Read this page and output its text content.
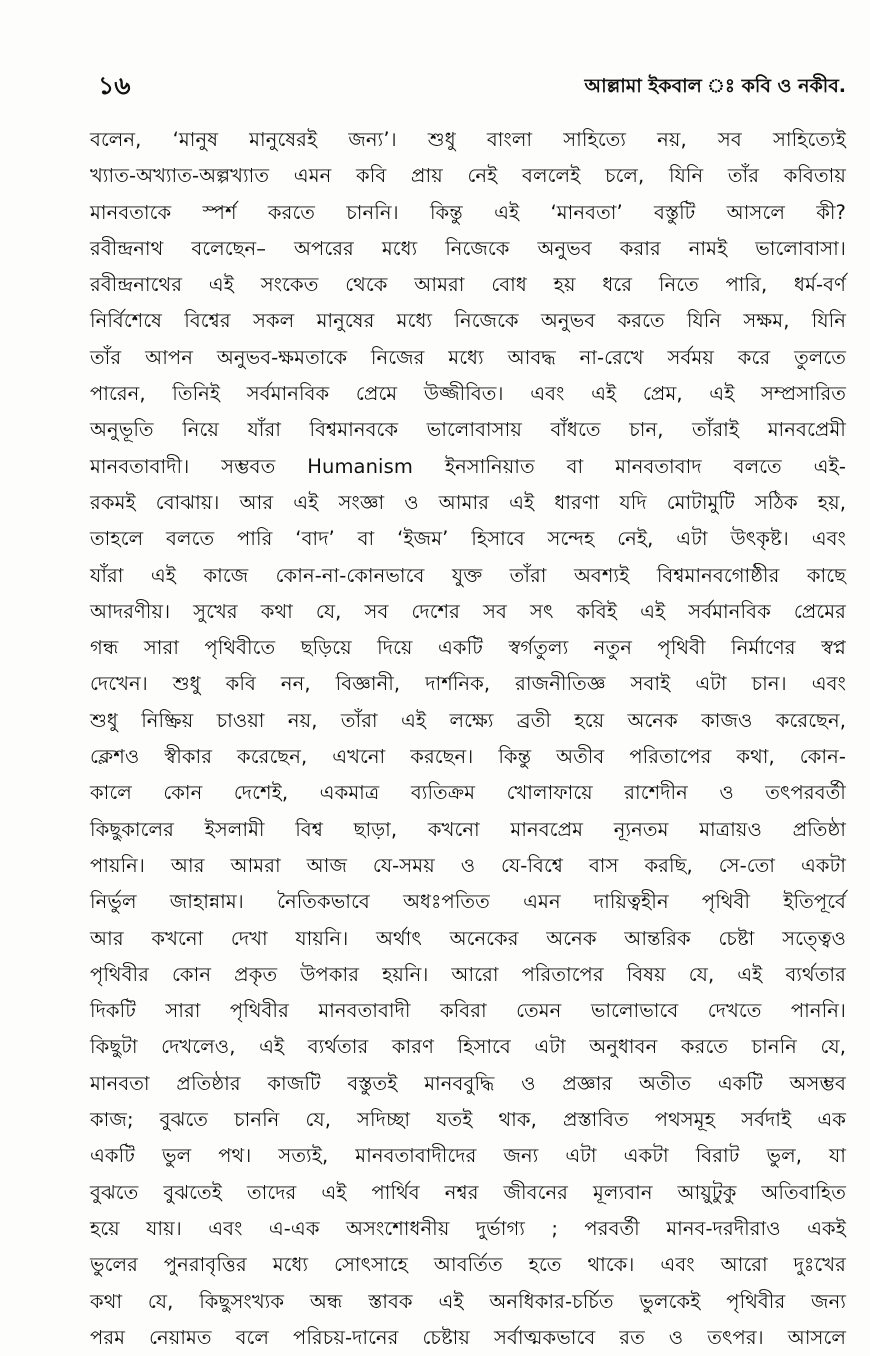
১৬	আল্লামা ইকবাল ঃ কবি ও নকীব.
বলেন, ‘মানুষ মানুষেরই জন্য’। শুধু বাংলা সাহিত্যে নয়, সব সাহিত্যেই
খ্যাত-অখ্যাত-অল্পখ্যাত এমন কবি প্রায় নেই বললেই চলে, যিনি তাঁর কবিতায়
মানবতাকে স্পর্শ করতে চাননি। কিন্তু এই ‘মানবতা’ বস্তুটি আসলে কী?
রবীন্দ্রনাথ বলেছেন– অপরের মধ্যে নিজেকে অনুভব করার নামই ভালোবাসা।
রবীন্দ্রনাথের এই সংকেত থেকে আমরা বোধ হয় ধরে নিতে পারি, ধর্ম-বর্ণ
নির্বিশেষে বিশ্বের সকল মানুষের মধ্যে নিজেকে অনুভব করতে যিনি সক্ষম, যিনি
তাঁর আপন অনুভব-ক্ষমতাকে নিজের মধ্যে আবদ্ধ না-রেখে সর্বময় করে তুলতে
পারেন, তিনিই সর্বমানবিক প্রেমে উজ্জীবিত। এবং এই প্রেম, এই সম্প্রসারিত
অনুভূতি নিয়ে যাঁরা বিশ্বমানবকে ভালোবাসায় বাঁধতে চান, তাঁরাই মানবপ্রেমী
মানবতাবাদী। সম্ভবত Humanism ইনসানিয়াত বা মানবতাবাদ বলতে এই-
রকমই বোঝায়। আর এই সংজ্ঞা ও আমার এই ধারণা যদি মোটামুটি সঠিক হয়,
তাহলে বলতে পারি ‘বাদ’ বা ‘ইজম’ হিসাবে সন্দেহ নেই, এটা উৎকৃষ্ট। এবং
যাঁরা এই কাজে কোন-না-কোনভাবে যুক্ত তাঁরা অবশ্যই বিশ্বমানবগোষ্ঠীর কাছে
আদরণীয়। সুখের কথা যে, সব দেশের সব সৎ কবিই এই সর্বমানবিক প্রেমের
গন্ধ সারা পৃথিবীতে ছড়িয়ে দিয়ে একটি স্বর্গতুল্য নতুন পৃথিবী নির্মাণের স্বপ্ন
দেখেন। শুধু কবি নন, বিজ্ঞানী, দার্শনিক, রাজনীতিজ্ঞ সবাই এটা চান। এবং
শুধু নিষ্ক্রিয় চাওয়া নয়, তাঁরা এই লক্ষ্যে ব্রতী হয়ে অনেক কাজও করেছেন,
ক্লেশও স্বীকার করেছেন, এখনো করছেন। কিন্তু অতীব পরিতাপের কথা, কোন-
কালে কোন দেশেই, একমাত্র ব্যতিক্রম খোলাফায়ে রাশেদীন ও তৎপরবর্তী
কিছুকালের ইসলামী বিশ্ব ছাড়া, কখনো মানবপ্রেম ন্যূনতম মাত্রায়ও প্রতিষ্ঠা
পায়নি। আর আমরা আজ যে-সময় ও যে-বিশ্বে বাস করছি, সে-তো একটা
নির্ভুল জাহান্নাম। নৈতিকভাবে অধঃপতিত এমন দায়িত্বহীন পৃথিবী ইতিপূর্বে
আর কখনো দেখা যায়নি। অর্থাৎ অনেকের অনেক আন্তরিক চেষ্টা সত্ত্বেও
পৃথিবীর কোন প্রকৃত উপকার হয়নি। আরো পরিতাপের বিষয় যে, এই ব্যর্থতার
দিকটি সারা পৃথিবীর মানবতাবাদী কবিরা তেমন ভালোভাবে দেখতে পাননি।
কিছুটা দেখলেও, এই ব্যর্থতার কারণ হিসাবে এটা অনুধাবন করতে চাননি যে,
মানবতা প্রতিষ্ঠার কাজটি বস্তুতই মানববুদ্ধি ও প্রজ্ঞার অতীত একটি অসম্ভব
কাজ; বুঝতে চাননি যে, সদিচ্ছা যতই থাক, প্রস্তাবিত পথসমূহ সর্বদাই এক
একটি ভুল পথ। সত্যই, মানবতাবাদীদের জন্য এটা একটা বিরাট ভুল, যা
বুঝতে বুঝতেই তাদের এই পার্থিব নশ্বর জীবনের মূল্যবান আয়ুটুকু অতিবাহিত
হয়ে যায়। এবং এ-এক অসংশোধনীয় দুর্ভাগ্য ; পরবর্তী মানব-দরদীরাও একই
ভুলের পুনরাবৃত্তির মধ্যে সোৎসাহে আবর্তিত হতে থাকে। এবং আরো দুঃখের
কথা যে, কিছুসংখ্যক অন্ধ স্তাবক এই অনধিকার-চর্চিত ভুলকেই পৃথিবীর জন্য
পরম নেয়ামত বলে পরিচয়-দানের চেষ্টায় সর্বাত্মকভাবে রত ও তৎপর। আসলে
